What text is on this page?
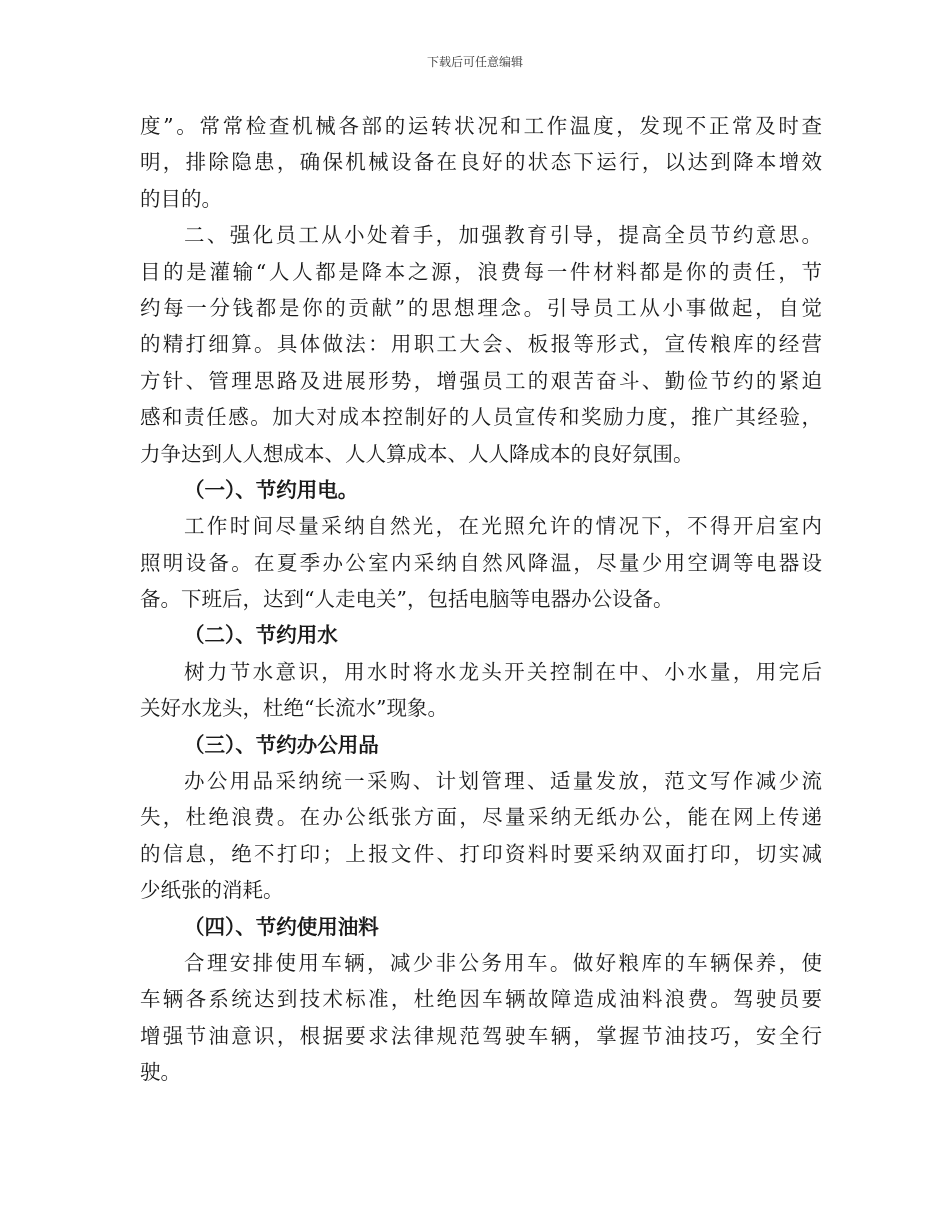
下载后可任意编辑
度”。常常检查机械各部的运转状况和工作温度，发现不正常及时查
明，排除隐患，确保机械设备在良好的状态下运行，以达到降本增效
的目的。
二、强化员工从小处着手，加强教育引导，提高全员节约意思。
目的是灌输“人人都是降本之源，浪费每一件材料都是你的责任，节
约每一分钱都是你的贡献”的思想理念。引导员工从小事做起，自觉
的精打细算。具体做法：用职工大会、板报等形式，宣传粮库的经营
方针、管理思路及进展形势，增强员工的艰苦奋斗、勤俭节约的紧迫
感和责任感。加大对成本控制好的人员宣传和奖励力度，推广其经验，
力争达到人人想成本、人人算成本、人人降成本的良好氛围。
（一）、节约用电。
工作时间尽量采纳自然光，在光照允许的情况下，不得开启室内
照明设备。在夏季办公室内采纳自然风降温，尽量少用空调等电器设
备。下班后，达到“人走电关”，包括电脑等电器办公设备。
（二）、节约用水
树力节水意识，用水时将水龙头开关控制在中、小水量，用完后
关好水龙头，杜绝“长流水”现象。
（三）、节约办公用品
办公用品采纳统一采购、计划管理、适量发放，范文写作减少流
失，杜绝浪费。在办公纸张方面，尽量采纳无纸办公，能在网上传递
的信息，绝不打印；上报文件、打印资料时要采纳双面打印，切实减
少纸张的消耗。
（四）、节约使用油料
合理安排使用车辆，减少非公务用车。做好粮库的车辆保养，使
车辆各系统达到技术标准，杜绝因车辆故障造成油料浪费。驾驶员要
增强节油意识，根据要求法律规范驾驶车辆，掌握节油技巧，安全行
驶。
